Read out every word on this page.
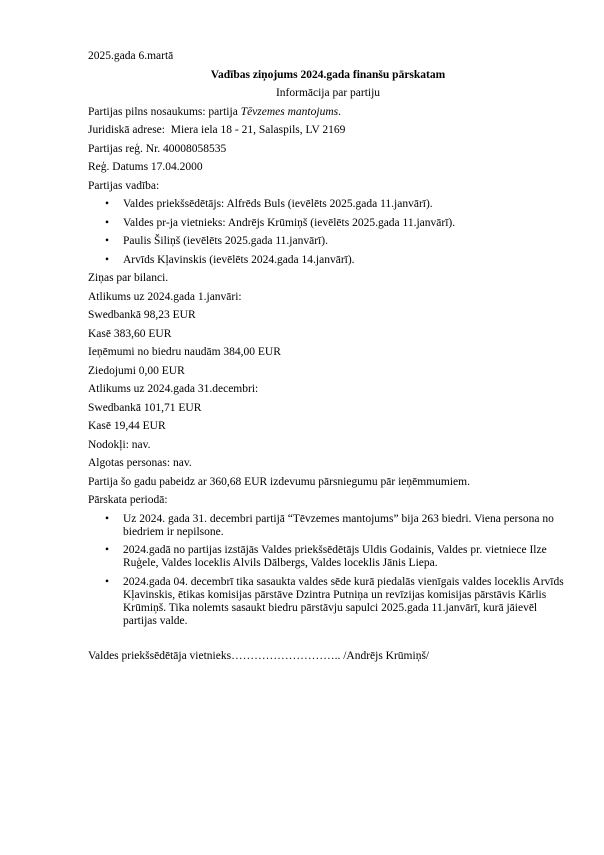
2025.gada 6.martā

Vadības ziņojums 2024.gada finanšu pārskatam

Informācija par partiju

Partijas pilns nosaukums: partija Tēvzemes mantojums.

Juridiskā adrese:  Miera iela 18 - 21, Salaspils, LV 2169

Partijas reģ. Nr. 40008058535

Reģ. Datums 17.04.2000

Partijas vadība:

• Valdes priekšsēdētājs: Alfrēds Buls (ievēlēts 2025.gada 11.janvārī).
• Valdes pr-ja vietnieks: Andrējs Krūmiņš (ievēlēts 2025.gada 11.janvārī).
• Paulis Šiliņš (ievēlēts 2025.gada 11.janvārī).
• Arvīds Kļavinskis (ievēlēts 2024.gada 14.janvārī).

Ziņas par bilanci.

Atlikums uz 2024.gada 1.janvāri:

Swedbankā 98,23 EUR

Kasē 383,60 EUR

Ieņēmumi no biedru naudām 384,00 EUR

Ziedojumi 0,00 EUR

Atlikums uz 2024.gada 31.decembri:

Swedbankā 101,71 EUR

Kasē 19,44 EUR

Nodokļi: nav.

Algotas personas: nav.

Partija šo gadu pabeidz ar 360,68 EUR izdevumu pārsniegumu pār ieņēmmumiem.

Pārskata periodā:

• Uz 2024. gada 31. decembri partijā “Tēvzemes mantojums” bija 263 biedri. Viena persona no biedriem ir nepilsone.
• 2024.gadā no partijas izstājās Valdes priekšsēdētājs Uldis Godainis, Valdes pr. vietniece Ilze Ruģele, Valdes loceklis Alvils Dālbergs, Valdes loceklis Jānis Liepa.
• 2024.gada 04. decembrī tika sasaukta valdes sēde kurā piedalās vienīgais valdes loceklis Arvīds Kļavinskis, ētikas komisijas pārstāve Dzintra Putniņa un revīzijas komisijas pārstāvis Kārlis Krūmiņš. Tika nolemts sasaukt biedru pārstāvju sapulci 2025.gada 11.janvārī, kurā jāievēl partijas valde.

Valdes priekšsēdētāja vietnieks……………………….. /Andrējs Krūmiņš/
